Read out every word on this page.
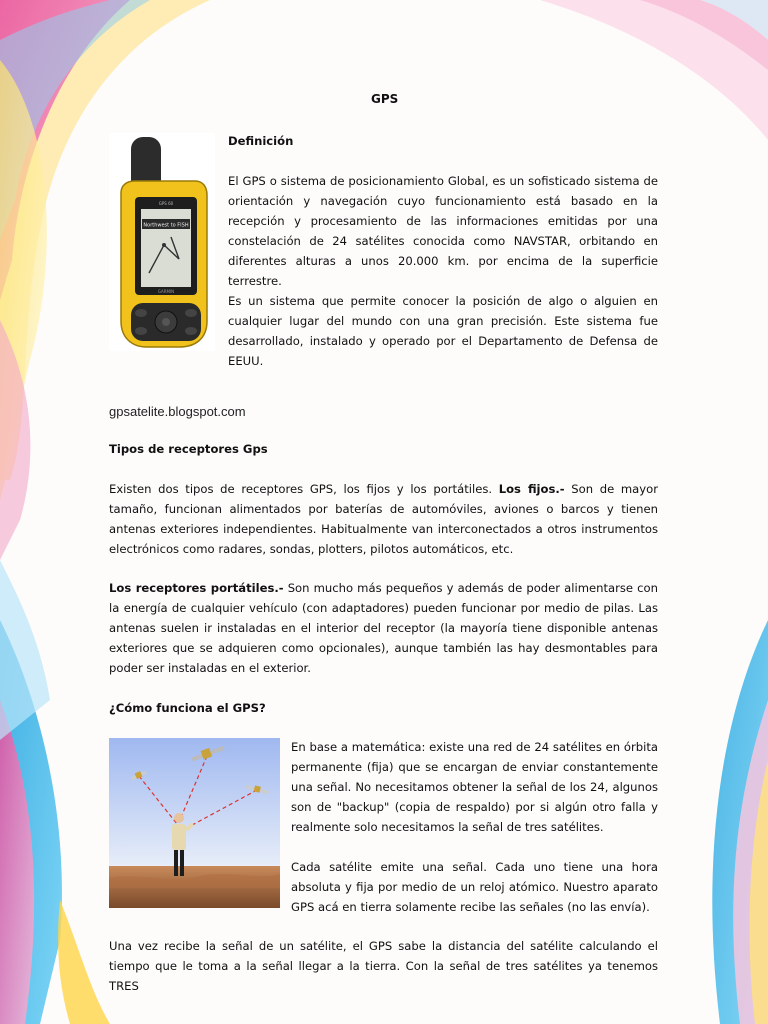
GPS
Northwest to FISH
GPS 60
GARMIN
Definición
El GPS o sistema de posicionamiento Global, es un sofisticado sistema de orientación y navegación cuyo funcionamiento está basado en la recepción y procesamiento de las informaciones emitidas por una constelación de 24 satélites conocida como NAVSTAR, orbitando en diferentes alturas a unos 20.000 km. por encima de la superficie terrestre.
Es un sistema que permite conocer la posición de algo o alguien en cualquier lugar del mundo con una gran precisión. Este sistema fue desarrollado, instalado y operado por el Departamento de Defensa de EEUU.
gpsatelite.blogspot.com
Tipos de receptores Gps
Existen dos tipos de receptores GPS, los fijos y los portátiles. Los fijos.- Son de mayor tamaño, funcionan alimentados por baterías de automóviles, aviones o barcos y tienen antenas exteriores independientes. Habitualmente van interconectados a otros instrumentos electrónicos como radares, sondas, plotters, pilotos automáticos, etc.
Los receptores portátiles.- Son mucho más pequeños y además de poder alimentarse con la energía de cualquier vehículo (con adaptadores) pueden funcionar por medio de pilas. Las antenas suelen ir instaladas en el interior del receptor (la mayoría tiene disponible antenas exteriores que se adquieren como opcionales), aunque también las hay desmontables para poder ser instaladas en el exterior.
¿Cómo funciona el GPS?
En base a matemática: existe una red de 24 satélites en órbita permanente (fija) que se encargan de enviar constantemente una señal. No necesitamos obtener la señal de los 24, algunos son de "backup" (copia de respaldo) por si algún otro falla y realmente solo necesitamos la señal de tres satélites.
Cada satélite emite una señal. Cada uno tiene una hora absoluta y fija por medio de un reloj atómico. Nuestro aparato GPS acá en tierra solamente recibe las señales (no las envía).
Una vez recibe la señal de un satélite, el GPS sabe la distancia del satélite calculando el tiempo que le toma a la señal llegar a la tierra. Con la señal de tres satélites ya tenemos TRES
